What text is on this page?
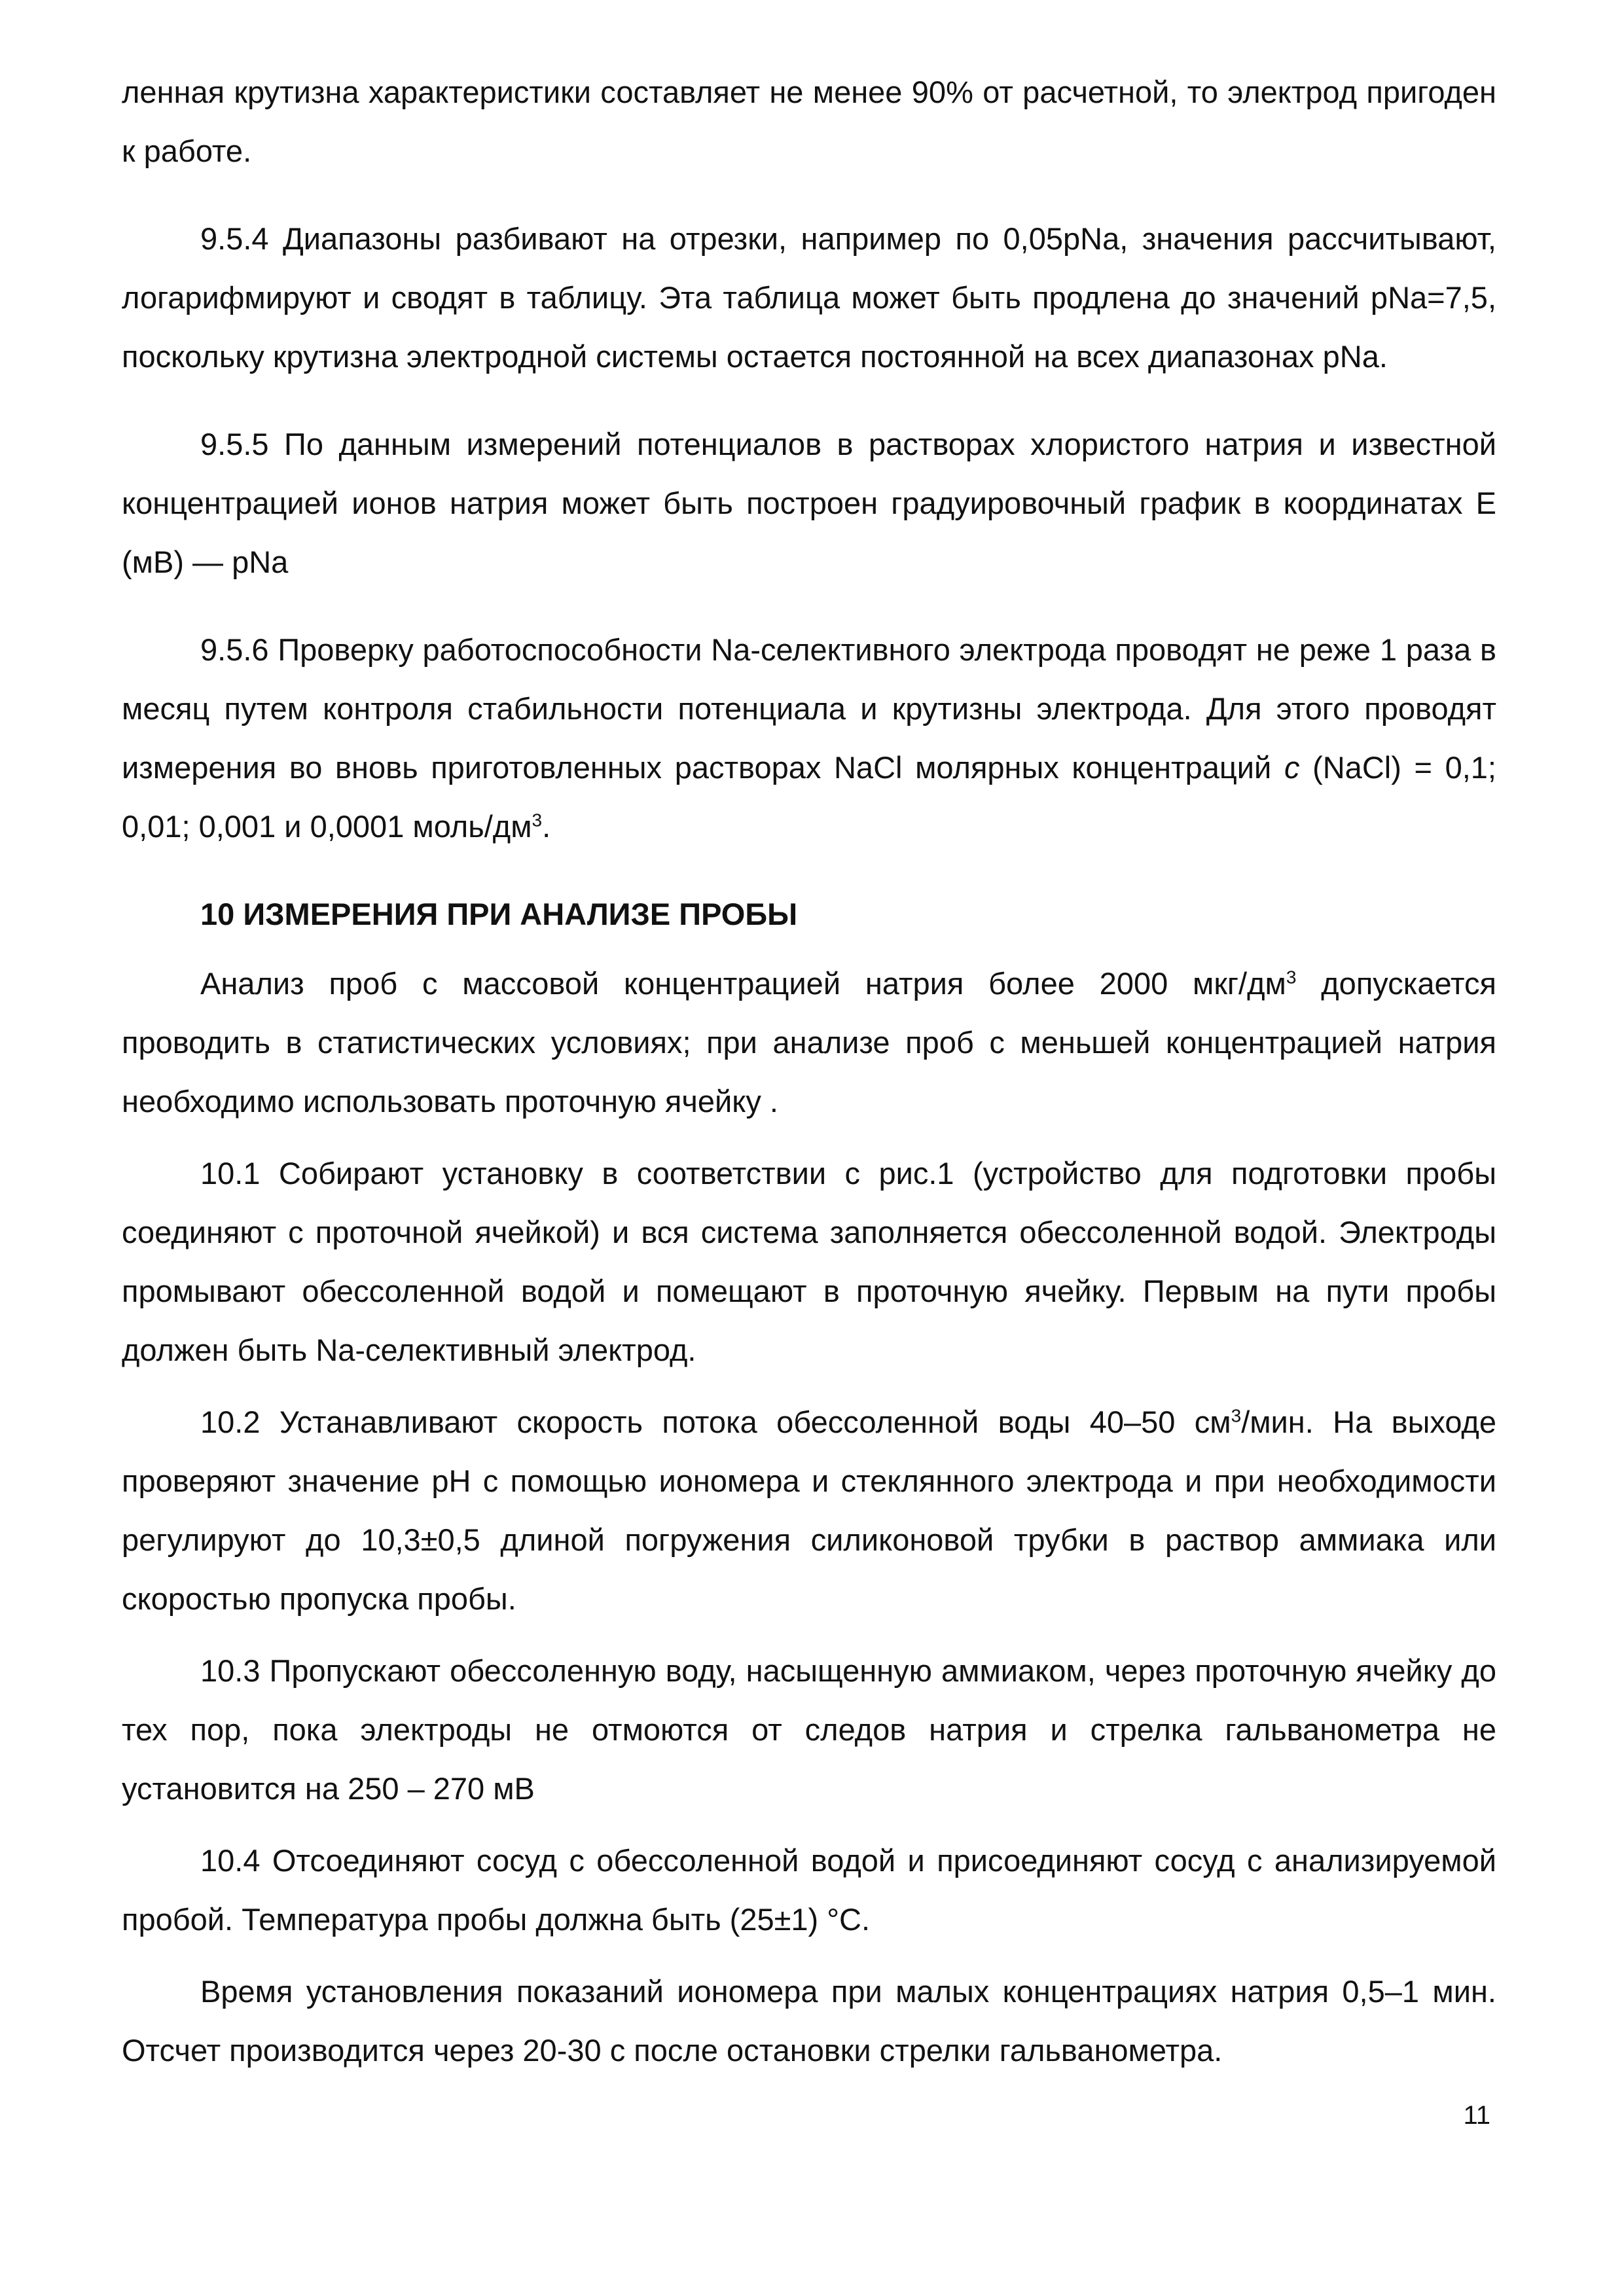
ленная крутизна характеристики составляет не менее 90% от расчетной, то электрод пригоден к работе.

9.5.4 Диапазоны разбивают на отрезки, например по 0,05pNa, значения рассчитывают, логарифмируют и сводят в таблицу. Эта таблица может быть продлена до значений pNa=7,5, поскольку крутизна электродной системы остается постоянной на всех диапазонах pNa.

9.5.5 По данным измерений потенциалов в растворах хлористого натрия и известной концентрацией ионов натрия может быть построен градуировочный график в координатах Е (мВ) — pNa

9.5.6 Проверку работоспособности Na-селективного электрода проводят не реже 1 раза в месяц путем контроля стабильности потенциала и крутизны электрода. Для этого проводят измерения во вновь приготовленных растворах NaCl молярных концентраций с (NaCl) = 0,1; 0,01; 0,001 и 0,0001 моль/$дм^3$.

10 ИЗМЕРЕНИЯ ПРИ АНАЛИЗЕ ПРОБЫ

Анализ проб с массовой концентрацией натрия более 2000 мкг/$дм^3$ допускается проводить в статистических условиях; при анализе проб с меньшей концентрацией натрия необходимо использовать проточную ячейку .

10.1 Собирают установку в соответствии с рис.1 (устройство для подготовки пробы соединяют с проточной ячейкой) и вся система заполняется обессоленной водой. Электроды промывают обессоленной водой и помещают в проточную ячейку. Первым на пути пробы должен быть Na-селективный электрод.

10.2 Устанавливают скорость потока обессоленной воды 40–50 $см^3$/мин. На выходе проверяют значение рН с помощью иономера и стеклянного электрода и при необходимости регулируют до 10,3±0,5 длиной погружения силиконовой трубки в раствор аммиака или скоростью пропуска пробы.

10.3 Пропускают обессоленную воду, насыщенную аммиаком, через проточную ячейку до тех пор, пока электроды не отмоются от следов натрия и стрелка гальванометра не установится на 250 – 270 мВ

10.4 Отсоединяют сосуд с обессоленной водой и присоединяют сосуд с анализируемой пробой. Температура пробы должна быть (25±1) °С.

Время установления показаний иономера при малых концентрациях натрия 0,5–1 мин. Отсчет производится через 20-30 с после остановки стрелки гальванометра.

11
